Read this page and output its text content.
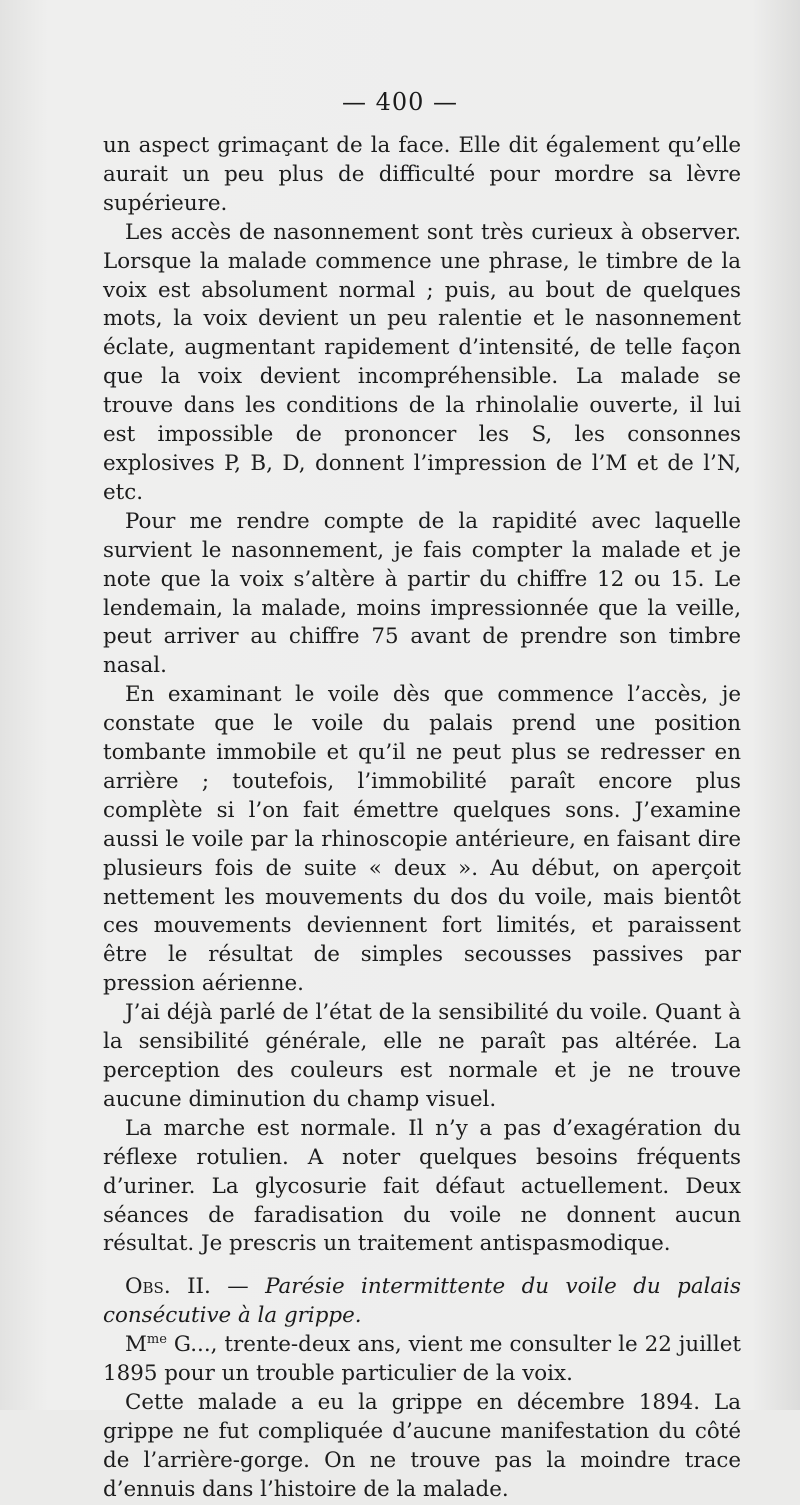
— 400 —

un aspect grimaçant de la face. Elle dit également qu’elle aurait un peu plus de difficulté pour mordre sa lèvre supérieure.

Les accès de nasonnement sont très curieux à observer. Lorsque la malade commence une phrase, le timbre de la voix est absolument normal ; puis, au bout de quelques mots, la voix devient un peu ralentie et le nasonnement éclate, augmentant rapidement d’intensité, de telle façon que la voix devient incompréhensible. La malade se trouve dans les conditions de la rhinolalie ouverte, il lui est impossible de prononcer les S, les consonnes explosives P, B, D, donnent l’impression de l’M et de l’N, etc.

Pour me rendre compte de la rapidité avec laquelle survient le nasonnement, je fais compter la malade et je note que la voix s’altère à partir du chiffre 12 ou 15. Le lendemain, la malade, moins impressionnée que la veille, peut arriver au chiffre 75 avant de prendre son timbre nasal.

En examinant le voile dès que commence l’accès, je constate que le voile du palais prend une position tombante immobile et qu’il ne peut plus se redresser en arrière ; toutefois, l’immobilité paraît encore plus complète si l’on fait émettre quelques sons. J’examine aussi le voile par la rhinoscopie antérieure, en faisant dire plusieurs fois de suite « deux ». Au début, on aperçoit nettement les mouvements du dos du voile, mais bientôt ces mouvements deviennent fort limités, et paraissent être le résultat de simples secousses passives par pression aérienne.

J’ai déjà parlé de l’état de la sensibilité du voile. Quant à la sensibilité générale, elle ne paraît pas altérée. La perception des couleurs est normale et je ne trouve aucune diminution du champ visuel.

La marche est normale. Il n’y a pas d’exagération du réflexe rotulien. A noter quelques besoins fréquents d’uriner. La glycosurie fait défaut actuellement. Deux séances de faradisation du voile ne donnent aucun résultat. Je prescris un traitement antispasmodique.

Obs. II. — Parésie intermittente du voile du palais consécutive à la grippe.

$M^{me}$ G..., trente-deux ans, vient me consulter le 22 juillet 1895 pour un trouble particulier de la voix.

Cette malade a eu la grippe en décembre 1894. La grippe ne fut compliquée d’aucune manifestation du côté de l’arrière-gorge. On ne trouve pas la moindre trace d’ennuis dans l’histoire de la malade.
